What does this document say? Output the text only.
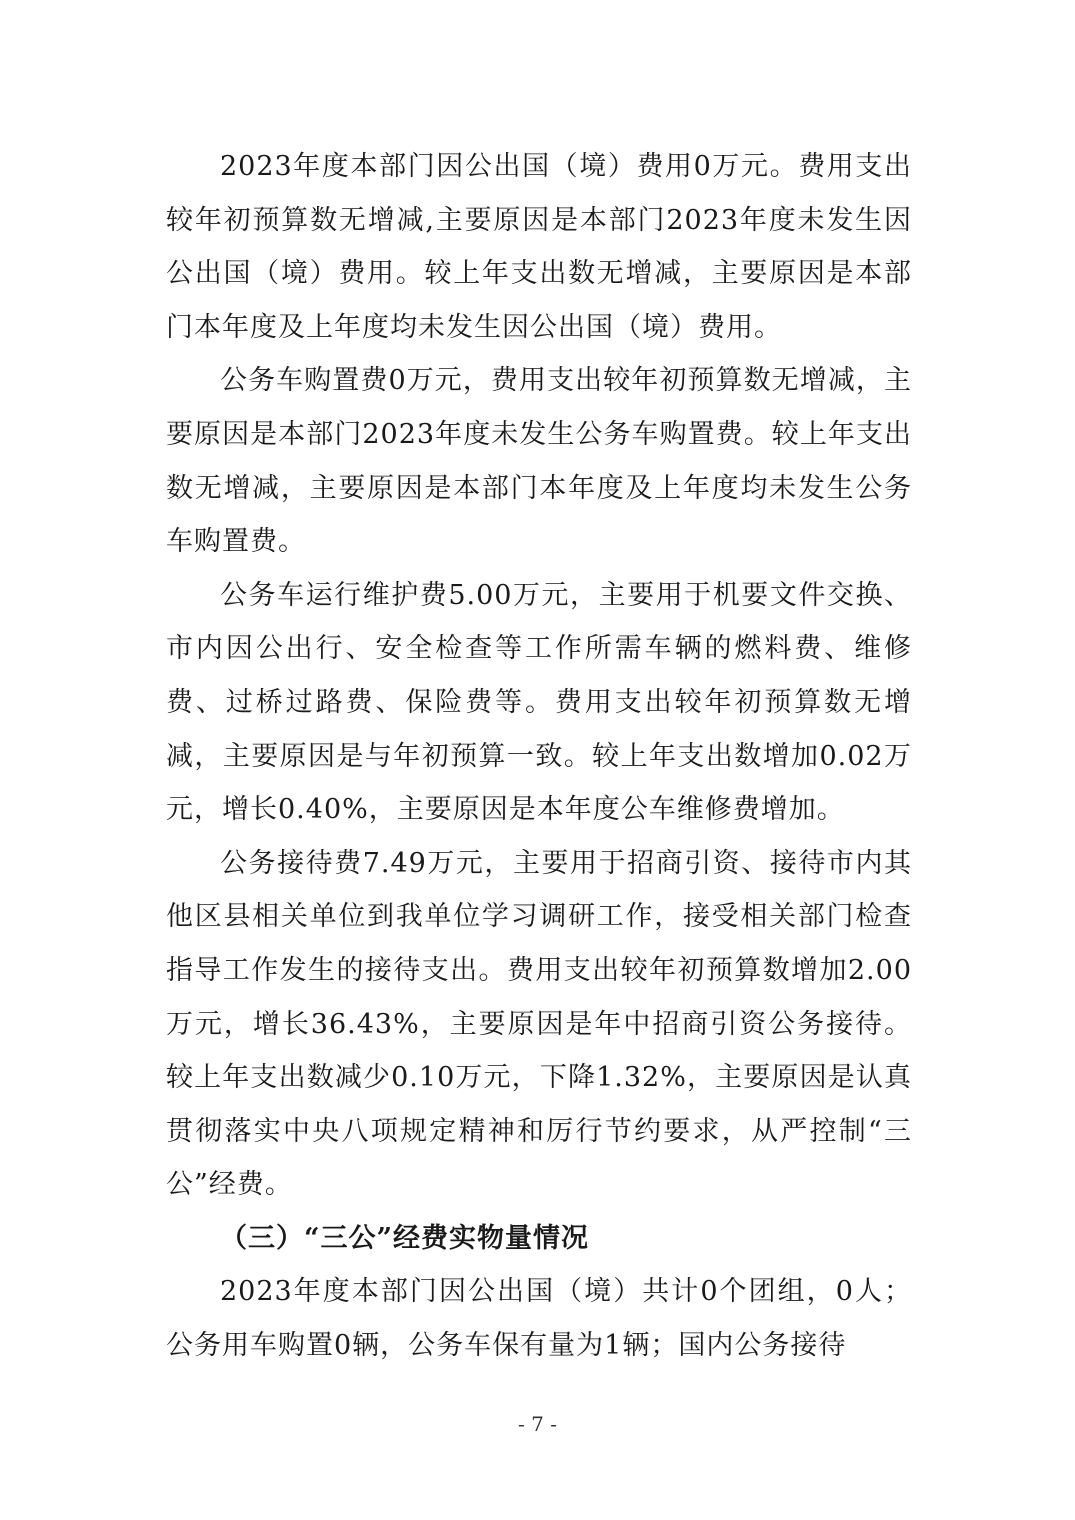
2023年度本部门因公出国（境）费用0万元。费用支出较年初预算数无增减,主要原因是本部门2023年度未发生因公出国（境）费用。较上年支出数无增减，主要原因是本部门本年度及上年度均未发生因公出国（境）费用。

公务车购置费0万元，费用支出较年初预算数无增减，主要原因是本部门2023年度未发生公务车购置费。较上年支出数无增减，主要原因是本部门本年度及上年度均未发生公务车购置费。

公务车运行维护费5.00万元，主要用于机要文件交换、市内因公出行、安全检查等工作所需车辆的燃料费、维修费、过桥过路费、保险费等。费用支出较年初预算数无增减，主要原因是与年初预算一致。较上年支出数增加0.02万元，增长0.40%，主要原因是本年度公车维修费增加。

公务接待费7.49万元，主要用于招商引资、接待市内其他区县相关单位到我单位学习调研工作，接受相关部门检查指导工作发生的接待支出。费用支出较年初预算数增加2.00万元，增长36.43%，主要原因是年中招商引资公务接待。较上年支出数减少0.10万元，下降1.32%，主要原因是认真贯彻落实中央八项规定精神和厉行节约要求，从严控制“三公”经费。

（三）“三公”经费实物量情况

2023年度本部门因公出国（境）共计0个团组，0人；公务用车购置0辆，公务车保有量为1辆；国内公务接待

- 7 -
